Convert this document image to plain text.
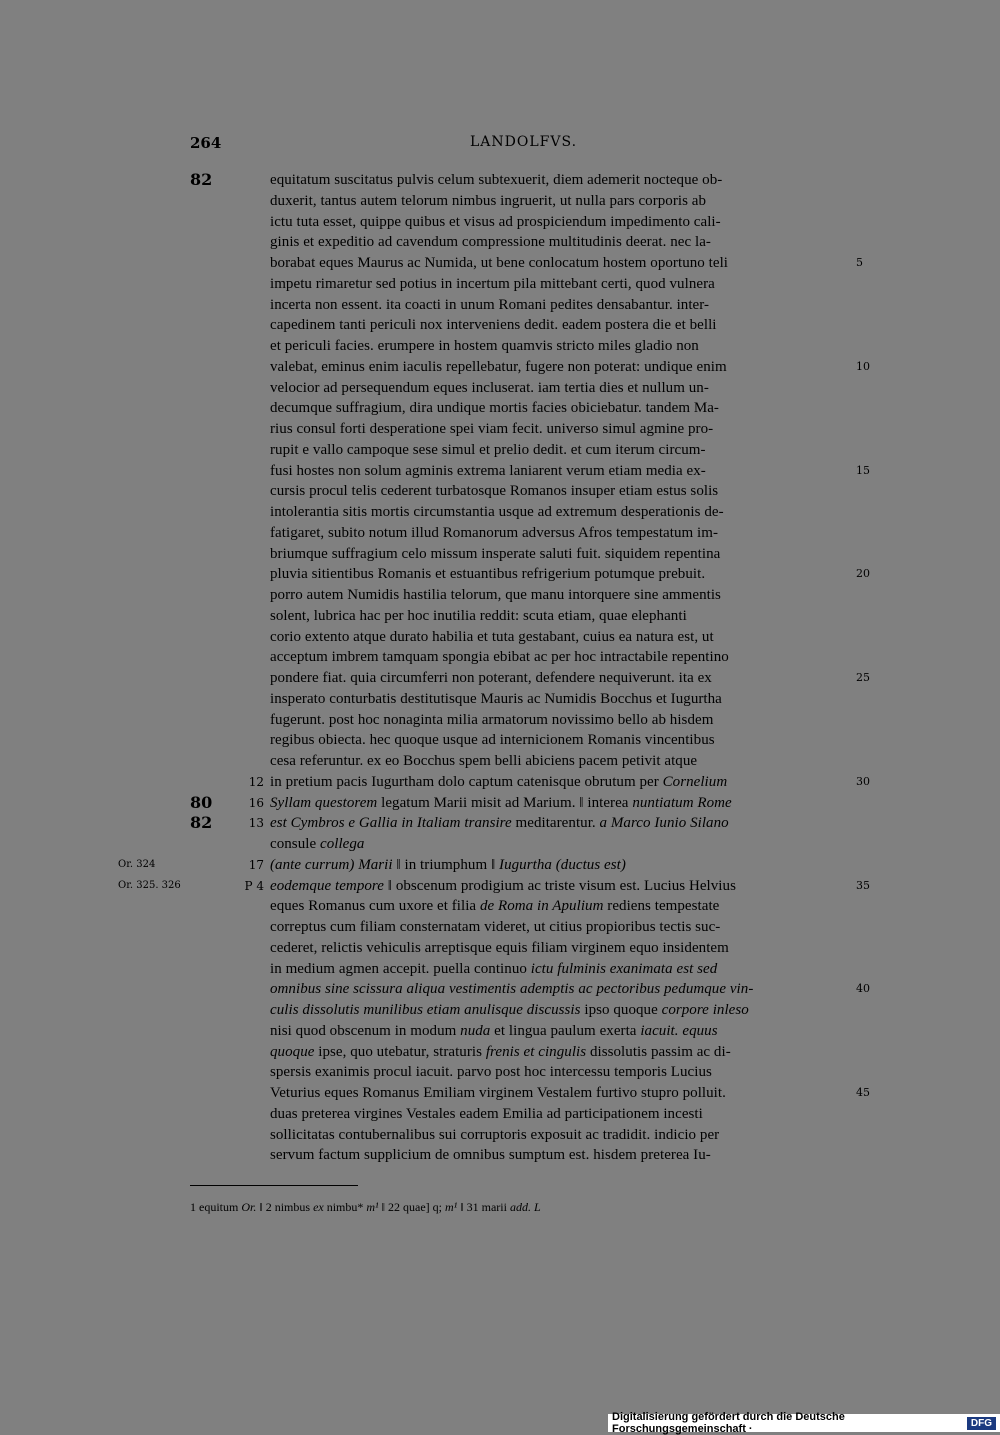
264	LANDOLFVS.
82	equitatum suscitatus pulvis celum subtexuerit, diem ademerit nocteque ob-
duxerit, tantus autem telorum nimbus ingruerit, ut nulla pars corporis ab
ictu tuta esset, quippe quibus et visus ad prospiciendum impedimento cali-
ginis et expeditio ad cavendum compressione multitudinis deerat. nec la-
borabat eques Maurus ac Numida, ut bene conlocatum hostem oportuno teli	5
impetu rimaretur sed potius in incertum pila mittebant certi, quod vulnera
incerta non essent. ita coacti in unum Romani pedites densabantur. inter-
capedinem tanti periculi nox interveniens dedit. eadem postera die et belli
et periculi facies. erumpere in hostem quamvis stricto miles gladio non
valebat, eminus enim iaculis repellebatur, fugere non poterat: undique enim	10
velocior ad persequendum eques incluserat. iam tertia dies et nullum un-
decumque suffragium, dira undique mortis facies obiciebatur. tandem Ma-
rius consul forti desperatione spei viam fecit. universo simul agmine pro-
rupit e vallo campoque sese simul et prelio dedit. et cum iterum circum-
fusi hostes non solum agminis extrema laniarent verum etiam media ex-	15
cursis procul telis cederent turbatosque Romanos insuper etiam estus solis
intolerantia sitis mortis circumstantia usque ad extremum desperationis de-
fatigaret, subito notum illud Romanorum adversus Afros tempestatum im-
briumque suffragium celo missum insperate saluti fuit. siquidem repentina
pluvia sitientibus Romanis et estuantibus refrigerium potumque prebuit.	20
porro autem Numidis hastilia telorum, que manu intorquere sine ammentis
solent, lubrica hac per hoc inutilia reddit: scuta etiam, quae elephanti
corio extento atque durato habilia et tuta gestabant, cuius ea natura est, ut
acceptum imbrem tamquam spongia ebibat ac per hoc intractabile repentino
pondere fiat. quia circumferri non poterant, defendere nequiverunt. ita ex	25
insperato conturbatis destitutisque Mauris ac Numidis Bocchus et Iugurtha
fugerunt. post hoc nonaginta milia armatorum novissimo bello ab hisdem
regibus obiecta. hec quoque usque ad internicionem Romanis vincentibus
cesa referuntur. ex eo Bocchus spem belli abiciens pacem petivit atque
12 in pretium pacis Iugurtham dolo captum catenisque obrutum per Cornelium	30
80	16 Syllam questorem legatum Marii misit ad Marium. ‖ interea nuntiatum Rome
82	13 est Cymbros e Gallia in Italiam transire meditarentur. a Marco Iunio Silano
consule collega
Or. 324	17 (ante currum) Marii ‖ in triumphum ‖ Iugurtha (ductus est)
Or. 325. 326	P 4 eodemque tempore ‖ obscenum prodigium ac triste visum est. Lucius Helvius	35
eques Romanus cum uxore et filia de Roma in Apulium rediens tempestate
correptus cum filiam consternatam videret, ut citius propioribus tectis suc-
cederet, relictis vehiculis arreptisque equis filiam virginem equo insidentem
in medium agmen accepit. puella continuo ictu fulminis exanimata est sed
omnibus sine scissura aliqua vestimentis ademptis ac pectoribus pedumque vin-	40
culis dissolutis munilibus etiam anulisque discussis ipso quoque corpore inleso
nisi quod obscenum in modum nuda et lingua paulum exerta iacuit. equus
quoque ipse, quo utebatur, straturis frenis et cingulis dissolutis passim ac di-
spersis exanimis procul iacuit. parvo post hoc intercessu temporis Lucius
Veturius eques Romanus Emiliam virginem Vestalem furtivo stupro polluit.	45
duas preterea virgines Vestales eadem Emilia ad participationem incesti
sollicitatas contubernalibus sui corruptoris exposuit ac tradidit. indicio per
servum factum supplicium de omnibus sumptum est. hisdem preterea Iu-
1 equitum Or. ‖ 2 nimbus ex nimbu* m¹ ‖ 22 quae] q; m¹ ‖ 31 marii add. L
Digitalisierung gefördert durch die Deutsche Forschungsgemeinschaft ·	DFG
